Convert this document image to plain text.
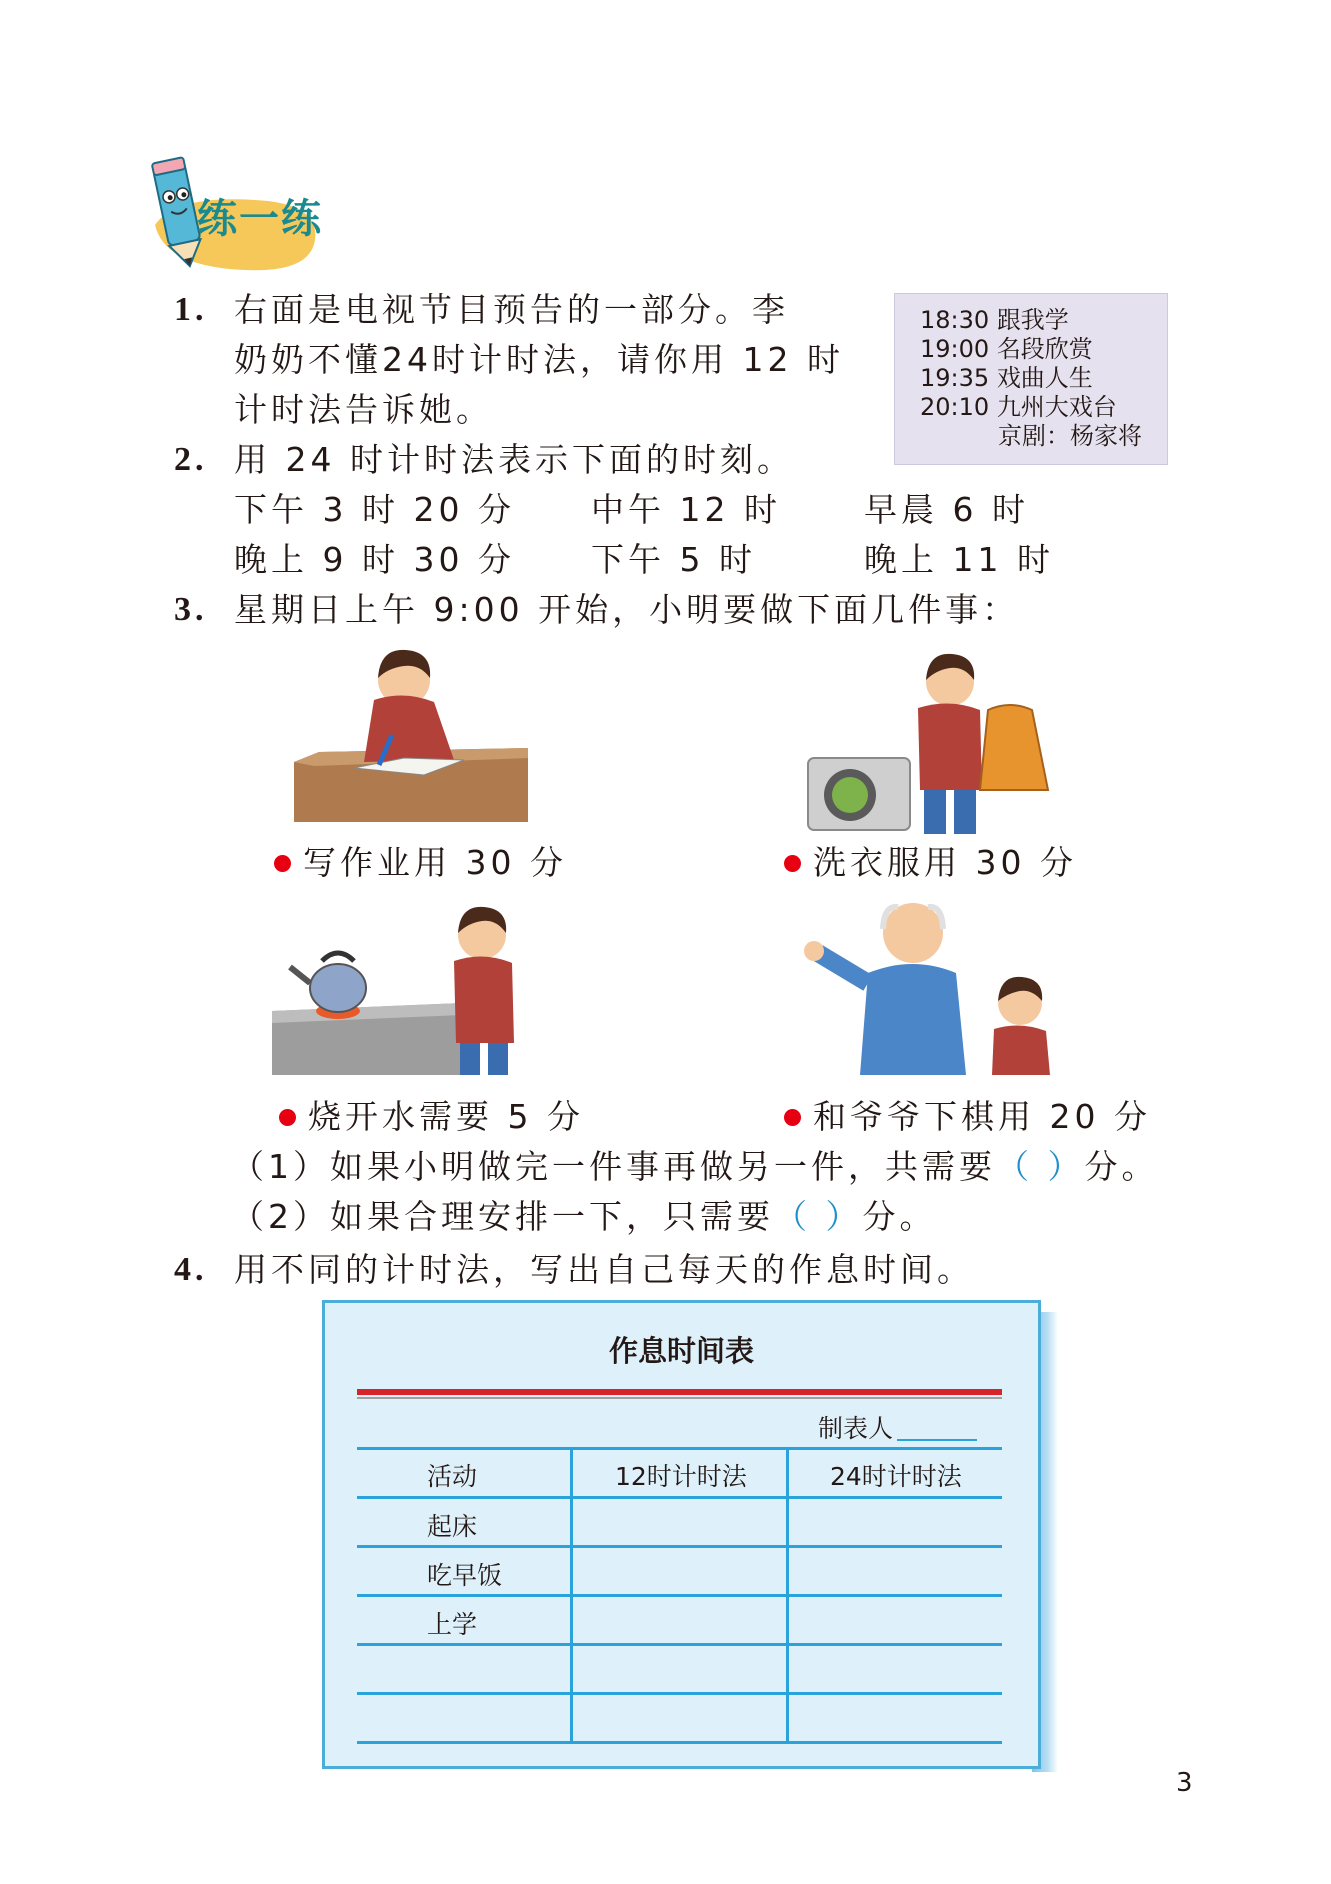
练一练
1. 右面是电视节目预告的一部分。李
奶奶不懂24时计时法，请你用 12 时
计时法告诉她。
18:30 跟我学
19:00 名段欣赏
19:35 戏曲人生
20:10 九州大戏台
京剧：杨家将
2. 用 24 时计时法表示下面的时刻。
下午 3 时 20 分 中午 12 时	早晨 6 时
晚上 9 时 30 分 下午 5 时	晚上 11 时
3. 星期日上午 9:00 开始，小明要做下面几件事：
写作业用 30 分	洗衣服用 30 分
烧开水需要 5 分	和爷爷下棋用 20 分
（1）如果小明做完一件事再做另一件，共需要（ ）分。
（2）如果合理安排一下，只需要（ ）分。
4. 用不同的计时法，写出自己每天的作息时间。
作息时间表
制表人
活动	12时计时法	24时计时法
起床
吃早饭
上学
3
